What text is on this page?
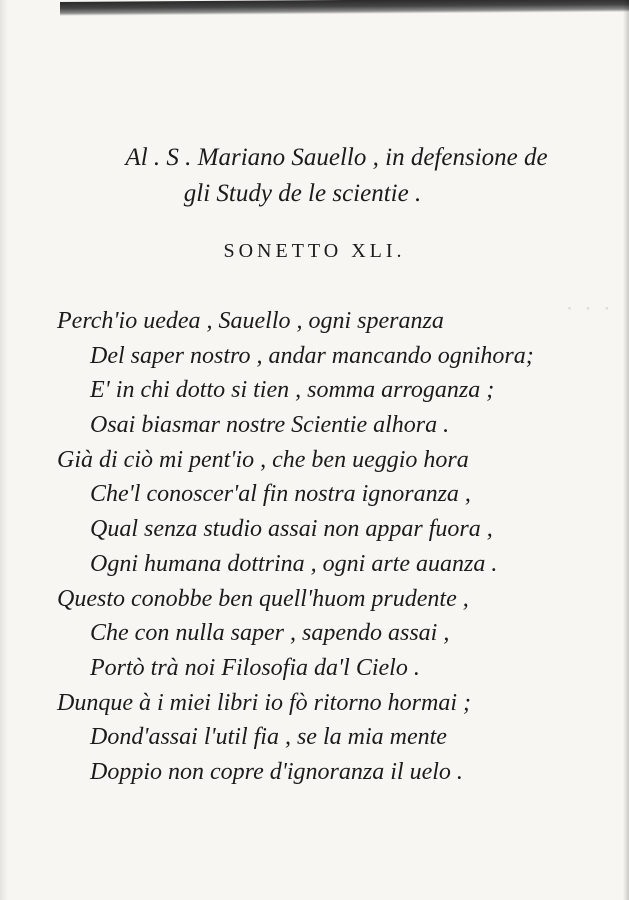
· · ·
Al . S . Mariano Sauello , in defensione de
gli Study de le scientie .
SONETTO XLI.
Perch'io uedea , Sauello , ogni speranza
Del saper nostro , andar mancando ognihora;
E' in chi dotto si tien , somma arroganza ;
Osai biasmar nostre Scientie alhora .
Già di ciò mi pent'io , che ben ueggio hora
Che'l conoscer'al fin nostra ignoranza ,
Qual senza studio assai non appar fuora ,
Ogni humana dottrina , ogni arte auanza .
Questo conobbe ben quell'huom prudente ,
Che con nulla saper , sapendo assai ,
Portò trà noi Filosofia da'l Cielo .
Dunque à i miei libri io fò ritorno hormai ;
Dond'assai l'util fia , se la mia mente
Doppio non copre d'ignoranza il uelo .
